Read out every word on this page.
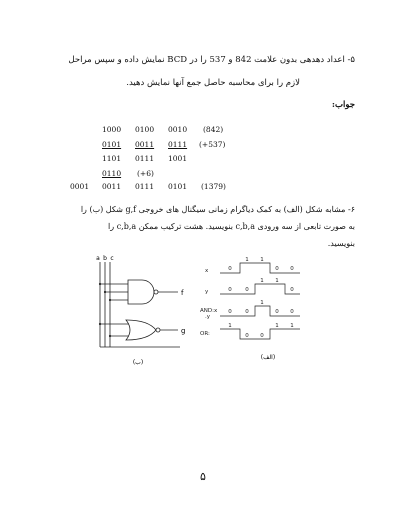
۵- اعداد دهدهی بدون علامت 842 و 537 را در BCD نمایش داده و سپس مراحل
لازم را برای محاسبه حاصل جمع آنها نمایش دهید.
جواب:
1000 0100 0010 (842)
0101 0011 0111 (+537)
1101 0111 1001
0110 (+6)
0001 0011 0111 0101 (1379)
۶- مشابه شکل (الف) به کمک دیاگرام زمانی سیگنال های خروجی g,f شکل (ب) را
به صورت تابعی از سه ورودی c,b,a بنویسید. هشت ترکیب ممکن c,b,a را
بنویسید.
a b c
f
g
(ب)
x
y
AND:x
.y
OR:
0
1 1
0 0
0 0
1 1
0
0 0
1
0 0
1
0 0
1 1
(الف)
۵
